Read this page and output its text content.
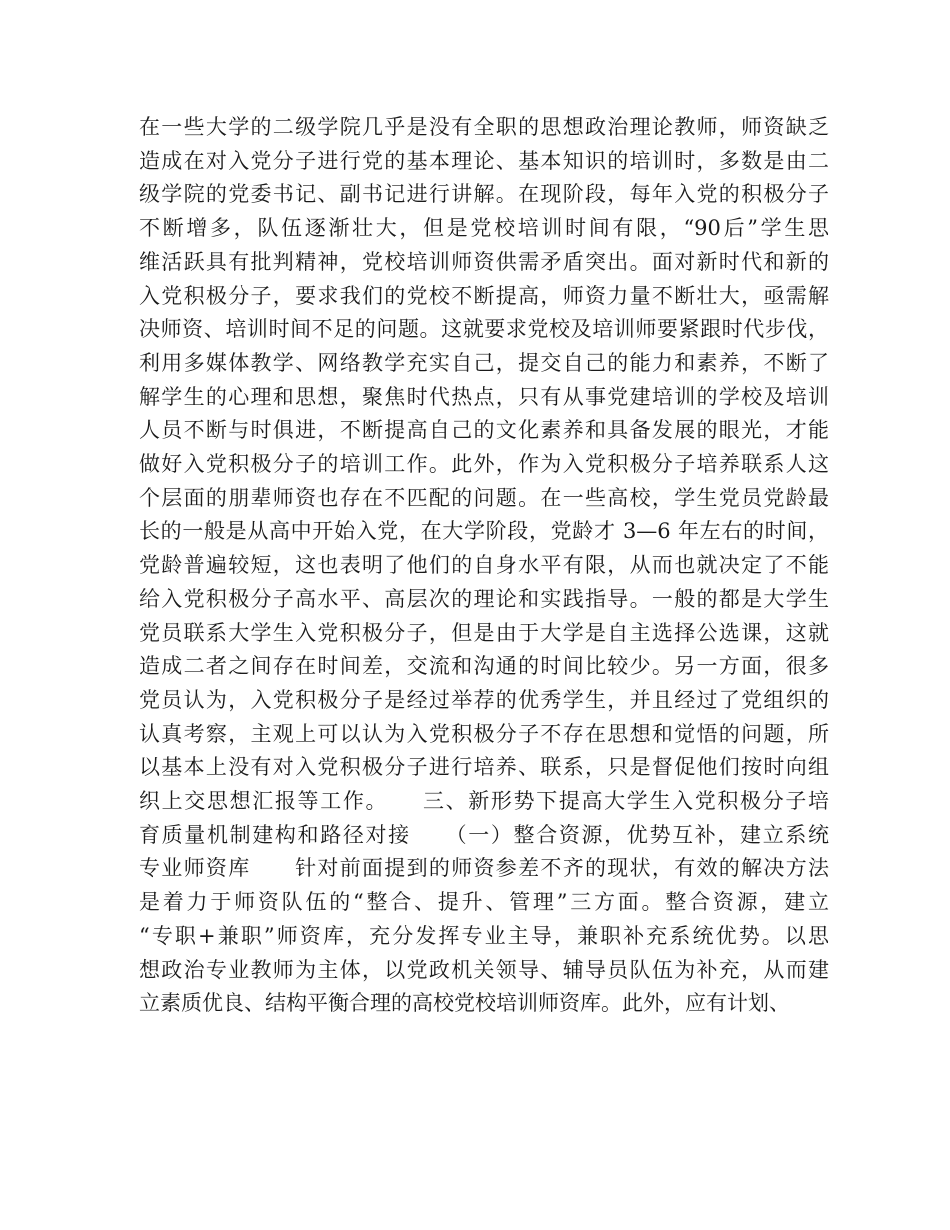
在一些大学的二级学院几乎是没有全职的思想政治理论教师，师资缺乏
造成在对入党分子进行党的基本理论、基本知识的培训时，多数是由二
级学院的党委书记、副书记进行讲解。在现阶段，每年入党的积极分子
不断增多，队伍逐渐壮大，但是党校培训时间有限，“90后”学生思
维活跃具有批判精神，党校培训师资供需矛盾突出。面对新时代和新的
入党积极分子，要求我们的党校不断提高，师资力量不断壮大，亟需解
决师资、培训时间不足的问题。这就要求党校及培训师要紧跟时代步伐，
利用多媒体教学、网络教学充实自己，提交自己的能力和素养，不断了
解学生的心理和思想，聚焦时代热点，只有从事党建培训的学校及培训
人员不断与时俱进，不断提高自己的文化素养和具备发展的眼光，才能
做好入党积极分子的培训工作。此外，作为入党积极分子培养联系人这
个层面的朋辈师资也存在不匹配的问题。在一些高校，学生党员党龄最
长的一般是从高中开始入党，在大学阶段，党龄才 3—6 年左右的时间，
党龄普遍较短，这也表明了他们的自身水平有限，从而也就决定了不能
给入党积极分子高水平、高层次的理论和实践指导。一般的都是大学生
党员联系大学生入党积极分子，但是由于大学是自主选择公选课，这就
造成二者之间存在时间差，交流和沟通的时间比较少。另一方面，很多
党员认为，入党积极分子是经过举荐的优秀学生，并且经过了党组织的
认真考察，主观上可以认为入党积极分子不存在思想和觉悟的问题，所
以基本上没有对入党积极分子进行培养、联系，只是督促他们按时向组
织上交思想汇报等工作。　　三、新形势下提高大学生入党积极分子培
育质量机制建构和路径对接　　（一）整合资源，优势互补，建立系统
专业师资库　　针对前面提到的师资参差不齐的现状，有效的解决方法
是着力于师资队伍的“整合、提升、管理”三方面。整合资源，建立
“专职+兼职”师资库，充分发挥专业主导，兼职补充系统优势。以思
想政治专业教师为主体，以党政机关领导、辅导员队伍为补充，从而建
立素质优良、结构平衡合理的高校党校培训师资库。此外，应有计划、
